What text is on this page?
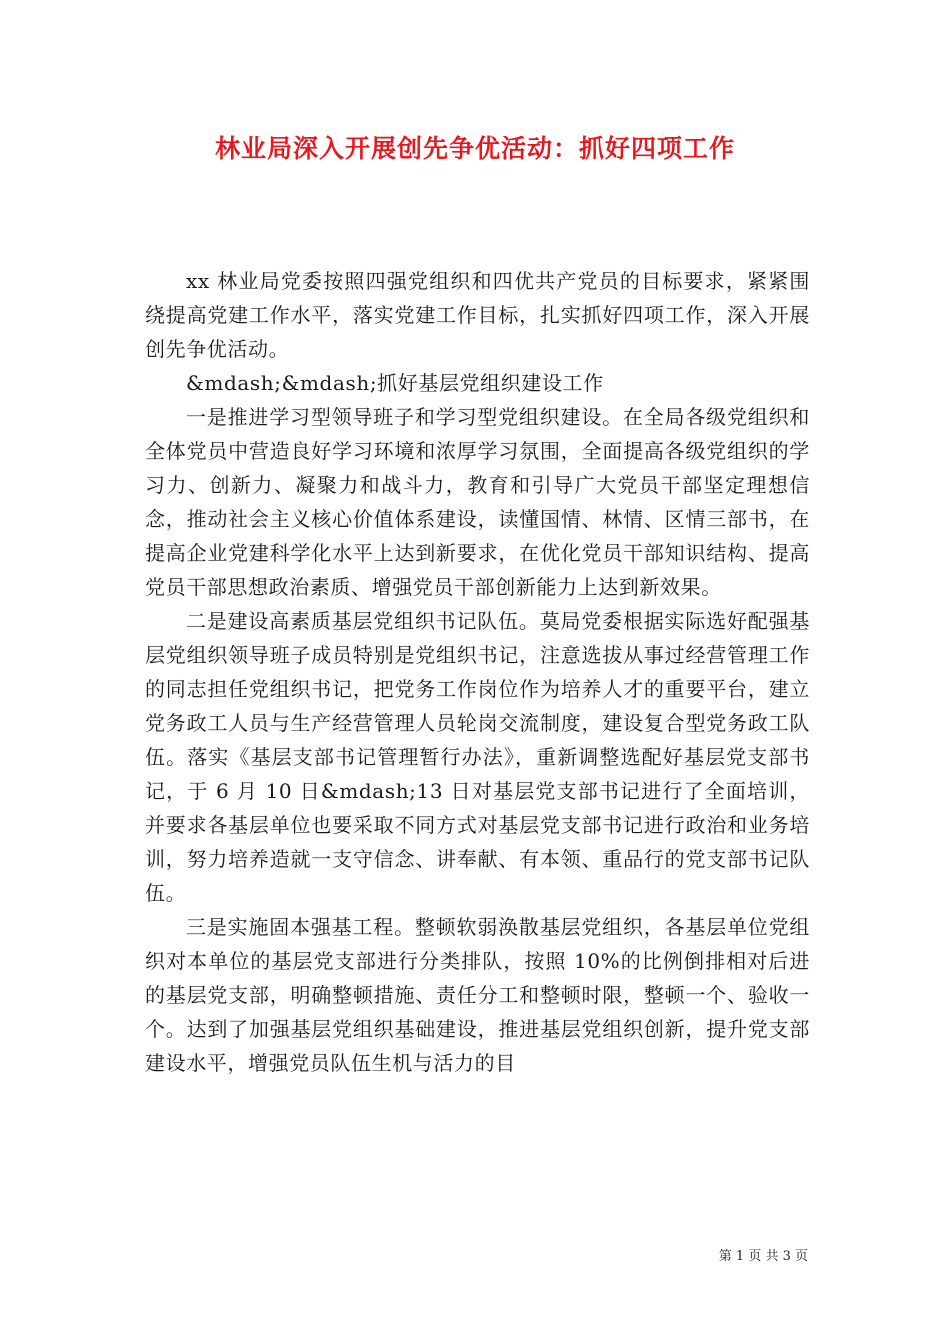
林业局深入开展创先争优活动：抓好四项工作

xx 林业局党委按照四强党组织和四优共产党员的目标要求，紧紧围绕提高党建工作水平，落实党建工作目标，扎实抓好四项工作，深入开展创先争优活动。

&mdash;&mdash;抓好基层党组织建设工作

一是推进学习型领导班子和学习型党组织建设。在全局各级党组织和全体党员中营造良好学习环境和浓厚学习氛围，全面提高各级党组织的学习力、创新力、凝聚力和战斗力，教育和引导广大党员干部坚定理想信念，推动社会主义核心价值体系建设，读懂国情、林情、区情三部书，在提高企业党建科学化水平上达到新要求，在优化党员干部知识结构、提高党员干部思想政治素质、增强党员干部创新能力上达到新效果。

二是建设高素质基层党组织书记队伍。莫局党委根据实际选好配强基层党组织领导班子成员特别是党组织书记，注意选拔从事过经营管理工作的同志担任党组织书记，把党务工作岗位作为培养人才的重要平台，建立党务政工人员与生产经营管理人员轮岗交流制度，建设复合型党务政工队伍。落实《基层支部书记管理暂行办法》，重新调整选配好基层党支部书记，于 6 月 10 日&mdash;13 日对基层党支部书记进行了全面培训，并要求各基层单位也要采取不同方式对基层党支部书记进行政治和业务培训，努力培养造就一支守信念、讲奉献、有本领、重品行的党支部书记队伍。

三是实施固本强基工程。整顿软弱涣散基层党组织，各基层单位党组织对本单位的基层党支部进行分类排队，按照 10%的比例倒排相对后进的基层党支部，明确整顿措施、责任分工和整顿时限，整顿一个、验收一个。达到了加强基层党组织基础建设，推进基层党组织创新，提升党支部建设水平，增强党员队伍生机与活力的目

第 1 页 共 3 页
